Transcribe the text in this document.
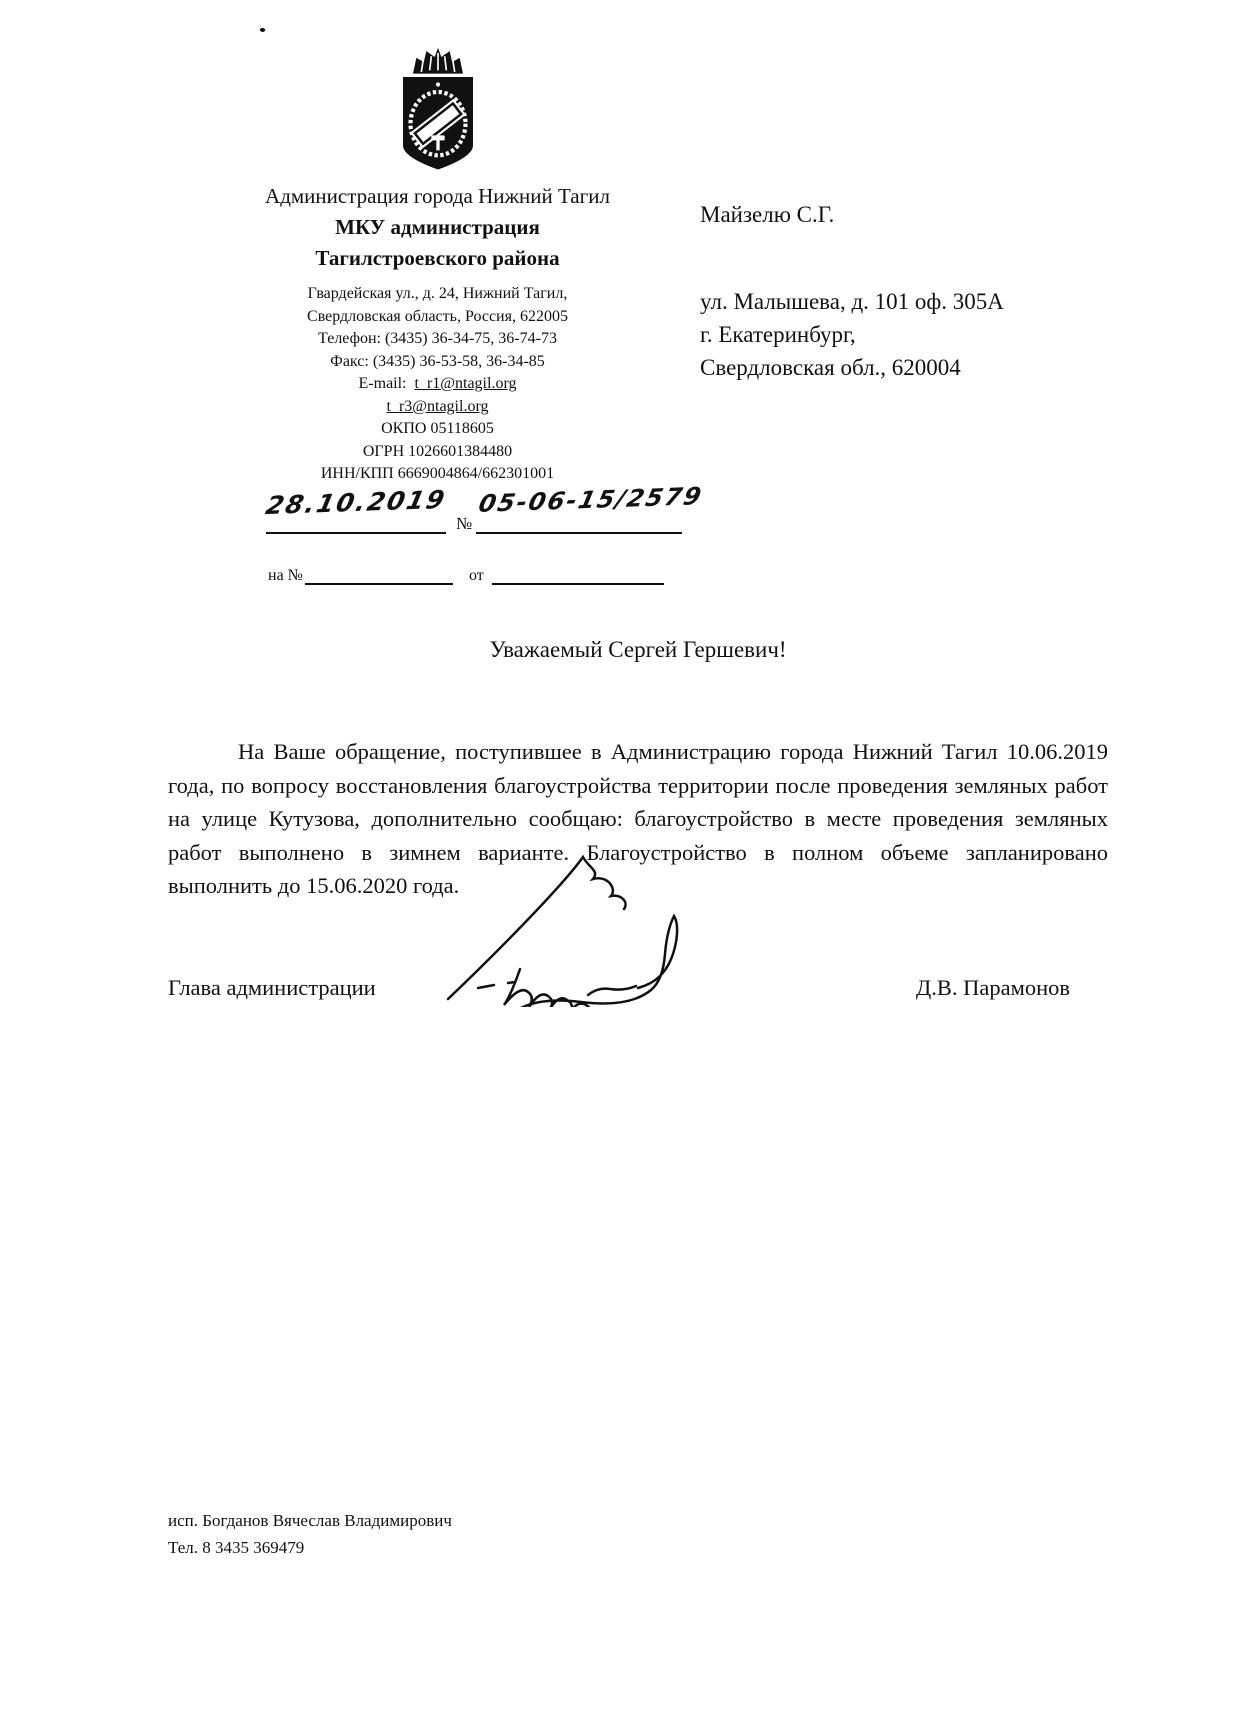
Администрация города Нижний Тагил
МКУ администрация
Тагилстроевского района
Гвардейская ул., д. 24, Нижний Тагил,
Свердловская область, Россия, 622005
Телефон: (3435) 36-34-75, 36-74-73
Факс: (3435) 36-53-58, 36-34-85
E-mail: t_r1@ntagil.org
t_r3@ntagil.org
ОКПО 05118605
ОГРН 1026601384480
ИНН/КПП 6669004864/662301001
28.10.2019№05-06-15/2579
на №	от
Майзелю С.Г.
ул. Малышева, д. 101 оф. 305А
г. Екатеринбург,
Свердловская обл., 620004
Уважаемый Сергей Гершевич!
На Ваше обращение, поступившее в Администрацию города Нижний Тагил 10.06.2019 года, по вопросу восстановления благоустройства территории после проведения земляных работ на улице Кутузова, дополнительно сообщаю: благоустройство в месте проведения земляных работ выполнено в зимнем варианте. Благоустройство в полном объеме запланировано выполнить до 15.06.2020 года.
Глава администрации	Д.В. Парамонов
исп. Богданов Вячеслав Владимирович
Тел. 8 3435 369479
